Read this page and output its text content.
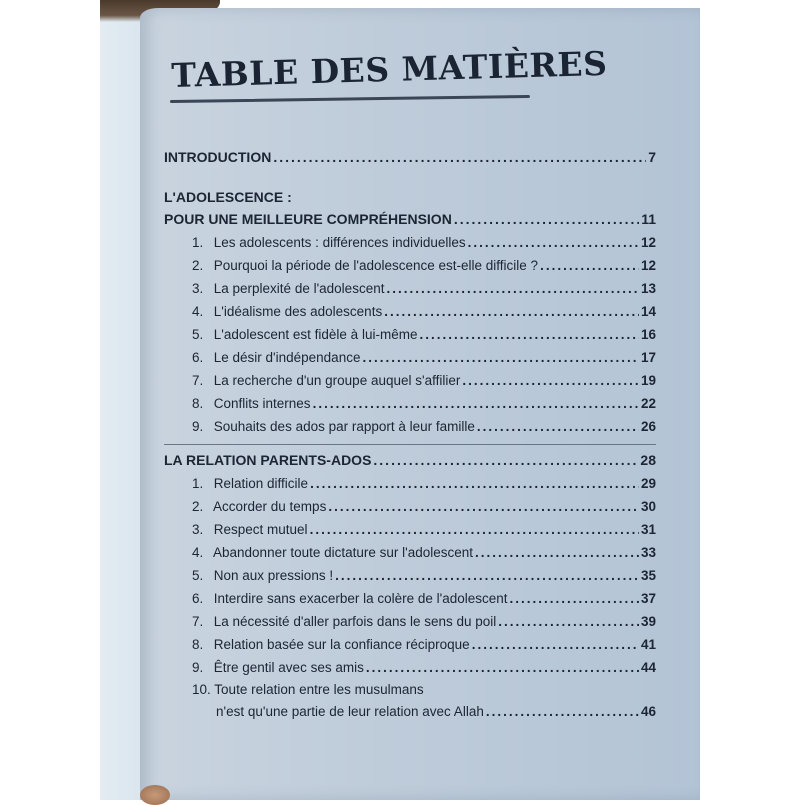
TABLE DES MATIÈRES
INTRODUCTION .....	7
L'ADOLESCENCE :
POUR UNE MEILLEURE COMPRÉHENSION .....	11
1. Les adolescents : différences individuelles .....	12
2. Pourquoi la période de l'adolescence est-elle difficile ? .....	12
3. La perplexité de l'adolescent .....	13
4. L'idéalisme des adolescents .....	14
5. L'adolescent est fidèle à lui-même .....	16
6. Le désir d'indépendance .....	17
7. La recherche d'un groupe auquel s'affilier .....	19
8. Conflits internes .....	22
9. Souhaits des ados par rapport à leur famille .....	26
LA RELATION PARENTS-ADOS .....	28
1. Relation difficile .....	29
2. Accorder du temps .....	30
3. Respect mutuel .....	31
4. Abandonner toute dictature sur l'adolescent .....	33
5. Non aux pressions ! .....	35
6. Interdire sans exacerber la colère de l'adolescent .....	37
7. La nécessité d'aller parfois dans le sens du poil .....	39
8. Relation basée sur la confiance réciproque .....	41
9. Être gentil avec ses amis .....	44
10. Toute relation entre les musulmans
n'est qu'une partie de leur relation avec Allah .....	46
